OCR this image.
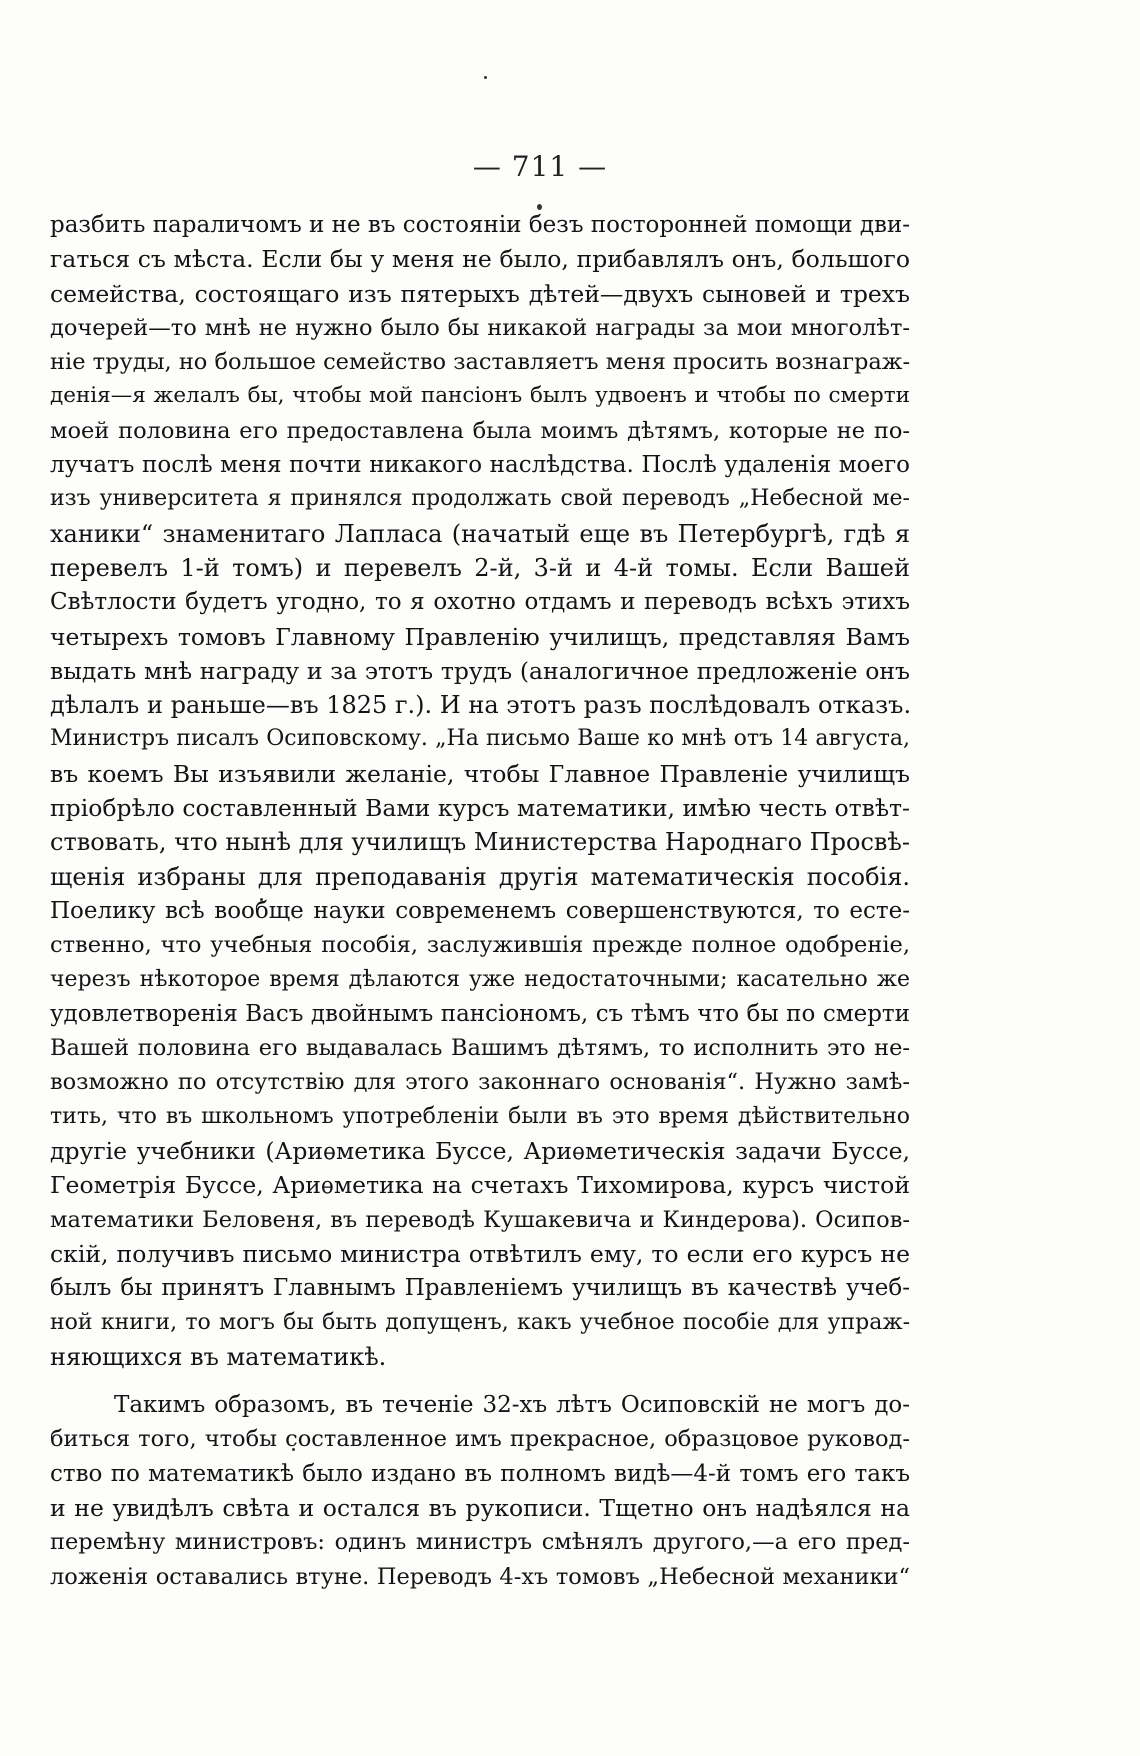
— 711 —
разбить параличомъ и не въ состоянiи безъ посторонней помощи дви-
гаться съ мѣста. Если бы у меня не было, прибавлялъ онъ, большого
семейства, состоящаго изъ пятерыхъ дѣтей—двухъ сыновей и трехъ
дочерей—то мнѣ не нужно было бы никакой награды за мои многолѣт-
нiе труды, но большое семейство заставляетъ меня просить вознаграж-
денiя—я желалъ бы, чтобы мой пансiонъ былъ удвоенъ и чтобы по смерти
моей половина его предоставлена была моимъ дѣтямъ, которые не по-
лучатъ послѣ меня почти никакого наслѣдства. Послѣ удаленiя моего
изъ университета я принялся продолжать свой переводъ „Небесной ме-
ханики“ знаменитаго Лапласа (начатый еще въ Петербургѣ, гдѣ я
перевелъ 1-й томъ) и перевелъ 2-й, 3-й и 4-й томы. Если Вашей
Свѣтлости будетъ угодно, то я охотно отдамъ и переводъ всѣхъ этихъ
четырехъ томовъ Главному Правленiю училищъ, представляя Вамъ
выдать мнѣ награду и за этотъ трудъ (аналогичное предложенiе онъ
дѣлалъ и раньше—въ 1825 г.). И на этотъ разъ послѣдовалъ отказъ.
Министръ писалъ Осиповскому. „На письмо Ваше ко мнѣ отъ 14 августа,
въ коемъ Вы изъявили желанiе, чтобы Главное Правленiе училищъ
прiобрѣло составленный Вами курсъ математики, имѣю честь отвѣт-
ствовать, что нынѣ для училищъ Министерства Народнаго Просвѣ-
щенiя избраны для преподаванiя другiя математическiя пособiя.
Поелику всѣ вообще науки современемъ совершенствуются, то есте-
ственно, что учебныя пособiя, заслужившiя прежде полное одобренiе,
черезъ нѣкоторое время дѣлаются уже недостаточными; касательно же
удовлетворенiя Васъ двойнымъ пансiономъ, съ тѣмъ что бы по смерти
Вашей половина его выдавалась Вашимъ дѣтямъ, то исполнить это не-
возможно по отсутствiю для этого законнаго основанiя“. Нужно замѣ-
тить, что въ школьномъ употребленiи были въ это время дѣйствительно
другiе учебники (Ариѳметика Буссе, Ариѳметическiя задачи Буссе,
Геометрiя Буссе, Ариѳметика на счетахъ Тихомирова, курсъ чистой
математики Беловеня, въ переводѣ Кушакевича и Киндерова). Осипов-
скiй, получивъ письмо министра отвѣтилъ ему, то если его курсъ не
былъ бы принятъ Главнымъ Правленiемъ училищъ въ качествѣ учеб-
ной книги, то могъ бы быть допущенъ, какъ учебное пособiе для упраж-
няющихся въ математикѣ.
Такимъ образомъ, въ теченiе 32-хъ лѣтъ Осиповскiй не могъ до-
биться того, чтобы составленное имъ прекрасное, образцовое руковод-
ство по математикѣ было издано въ полномъ видѣ—4-й томъ его такъ
и не увидѣлъ свѣта и остался въ рукописи. Тщетно онъ надѣялся на
перемѣну министровъ: одинъ министръ смѣнялъ другого,—а его пред-
ложенiя оставались втуне. Переводъ 4-хъ томовъ „Небесной механики“
